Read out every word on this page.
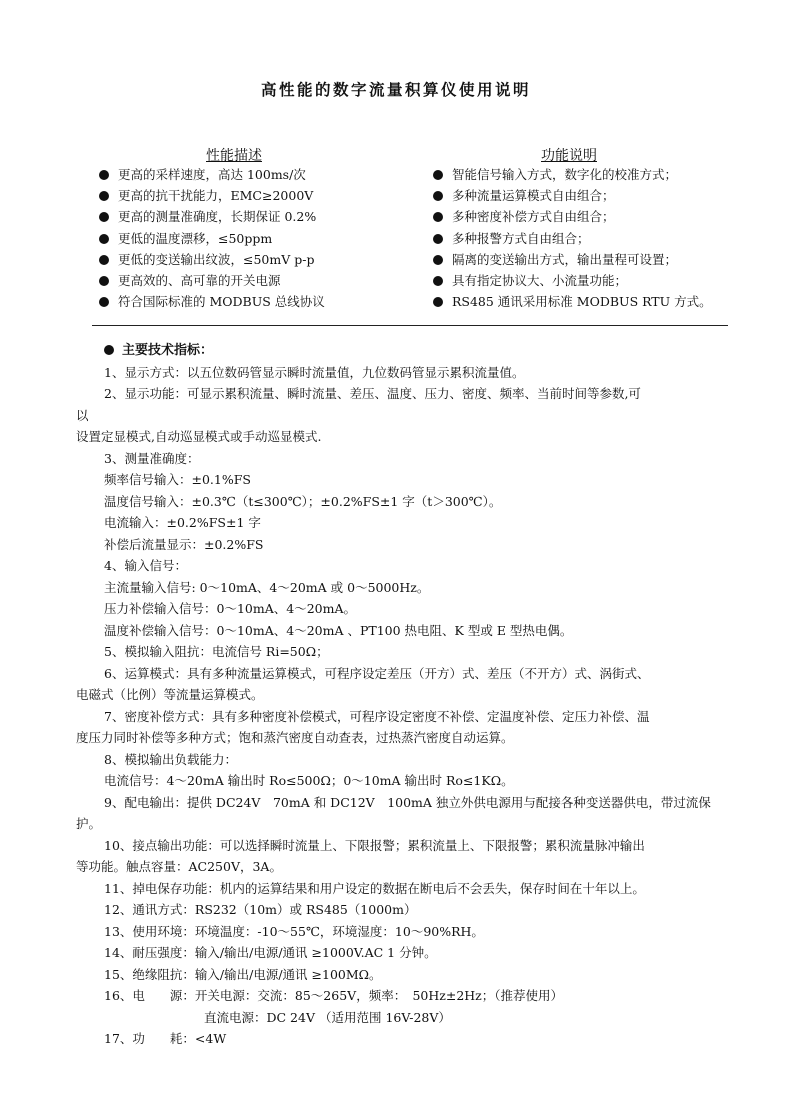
高性能的数字流量积算仪使用说明
性能描述	功能说明
更高的采样速度，高达 100ms/次
更高的抗干扰能力，EMC≥2000V
更高的测量准确度，长期保证 0.2%
更低的温度漂移，≤50ppm
更低的变送输出纹波，≤50mV p-p
更高效的、高可靠的开关电源
符合国际标准的 MODBUS 总线协议
智能信号输入方式，数字化的校准方式；
多种流量运算模式自由组合；
多种密度补偿方式自由组合；
多种报警方式自由组合；
隔离的变送输出方式，输出量程可设置；
具有指定协议大、小流量功能；
RS485 通讯采用标准 MODBUS RTU 方式。
主要技术指标：
1、显示方式：以五位数码管显示瞬时流量值，九位数码管显示累积流量值。
2、显示功能：可显示累积流量、瞬时流量、差压、温度、压力、密度、频率、当前时间等参数,可
以
设置定显模式,自动巡显模式或手动巡显模式.
3、测量准确度：
频率信号输入：±0.1%FS
温度信号输入：±0.3℃（t≤300℃）；±0.2%FS±1 字（t＞300℃）。
电流输入：±0.2%FS±1 字
补偿后流量显示：±0.2%FS
4、输入信号：
主流量输入信号: 0～10mA、4～20mA 或 0～5000Hz。
压力补偿输入信号：0～10mA、4～20mA。
温度补偿输入信号：0～10mA、4～20mA 、PT100 热电阻、K 型或 E 型热电偶。
5、模拟输入阻抗：电流信号 Ri=50Ω；
6、运算模式：具有多种流量运算模式，可程序设定差压（开方）式、差压（不开方）式、涡街式、
电磁式（比例）等流量运算模式。
7、密度补偿方式：具有多种密度补偿模式，可程序设定密度不补偿、定温度补偿、定压力补偿、温
度压力同时补偿等多种方式；饱和蒸汽密度自动查表，过热蒸汽密度自动运算。
8、模拟输出负载能力：
电流信号：4～20mA 输出时 Ro≤500Ω；0～10mA 输出时 Ro≤1KΩ。
9、配电输出：提供 DC24V　70mA 和 DC12V　100mA 独立外供电源用与配接各种变送器供电，带过流保
护。
10、接点输出功能：可以选择瞬时流量上、下限报警；累积流量上、下限报警；累积流量脉冲输出
等功能。触点容量：AC250V，3A。
11、掉电保存功能：机内的运算结果和用户设定的数据在断电后不会丢失，保存时间在十年以上。
12、通讯方式：RS232（10m）或 RS485（1000m）
13、使用环境：环境温度：-10～55℃，环境湿度：10～90%RH。
14、耐压强度：输入/输出/电源/通讯 ≥1000V.AC 1 分钟。
15、绝缘阻抗：输入/输出/电源/通讯 ≥100MΩ。
16、电　　源：开关电源：交流：85～265V，频率：　50Hz±2Hz；（推荐使用）
直流电源：DC 24V （适用范围 16V-28V）
17、功　　耗：<4W
